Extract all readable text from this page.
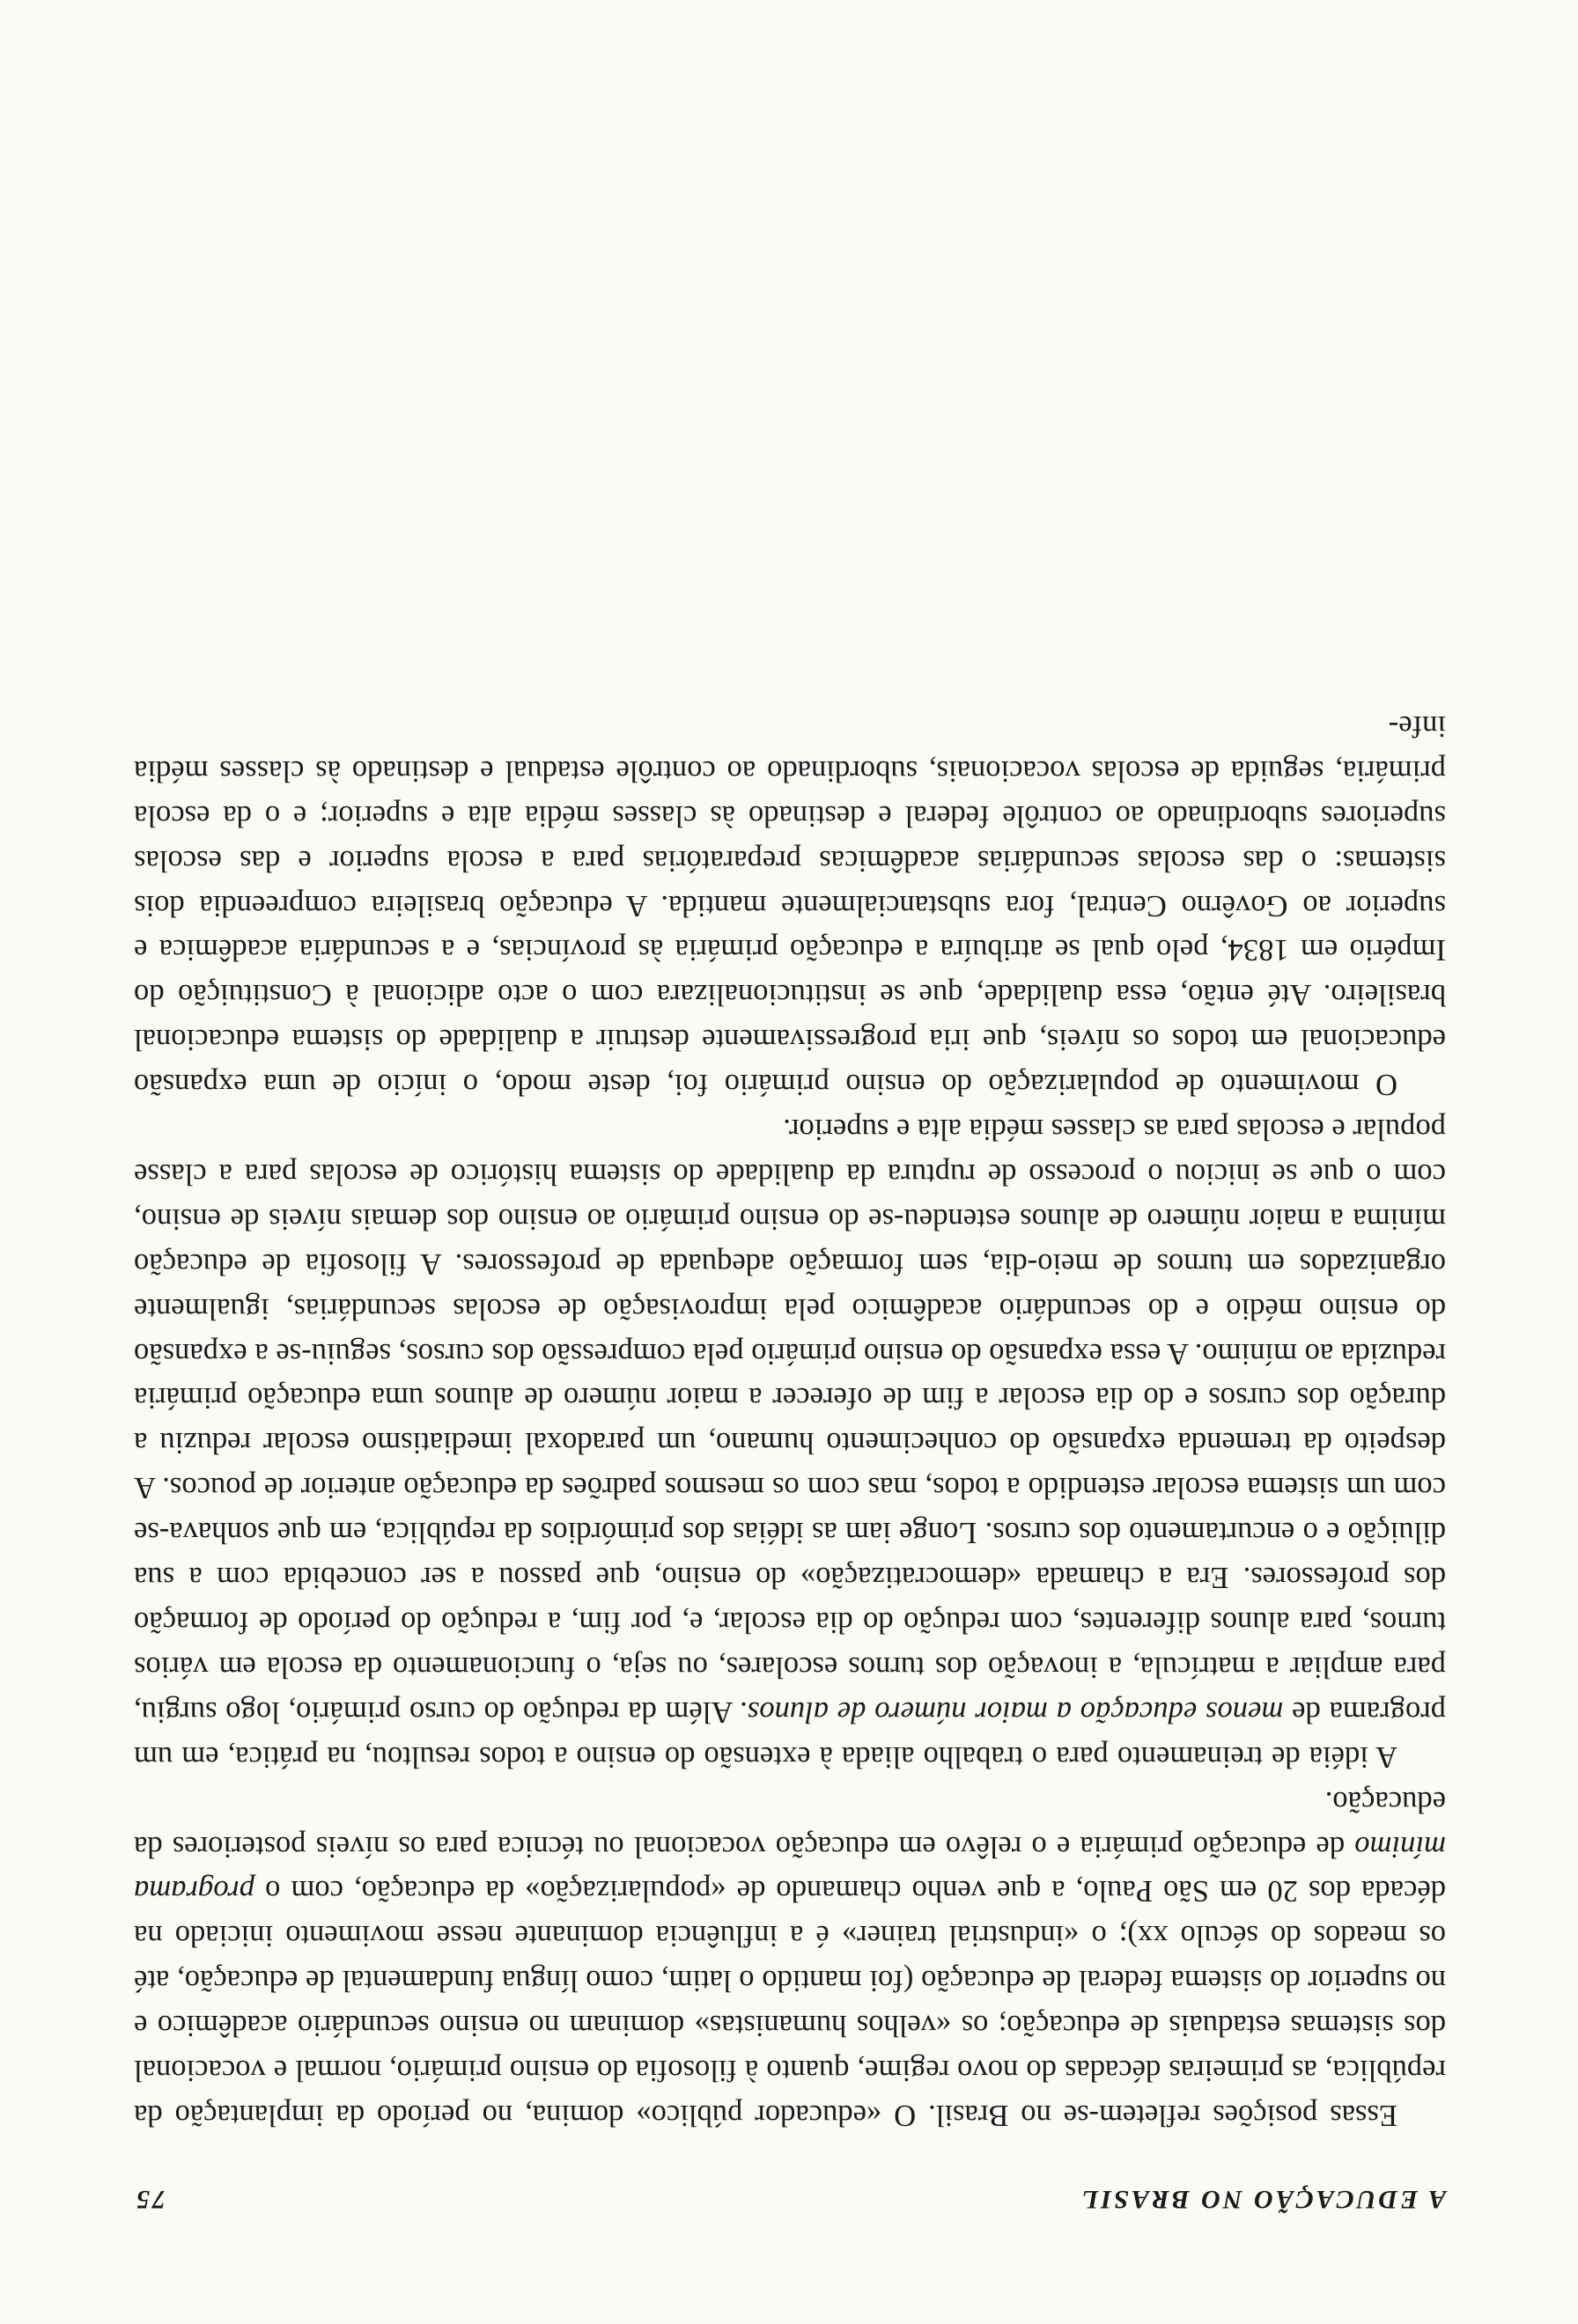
A EDUCAÇÃO NO BRASIL
75

Essas posições refletem-se no Brasil. O «educador público» domina, no período da implantação da república, as primeiras décadas do novo regime, quanto à filosofia do ensino primário, normal e vocacional dos sistemas estaduais de educação; os «velhos humanistas» dominam no ensino secundário acadêmico e no superior do sistema federal de educação (foi mantido o latim, como língua fundamental de educação, até os meados do século xx); o «industrial trainer» é a influência dominante nesse movimento iniciado na década dos 20 em São Paulo, a que venho chamando de «popularização» da educação, com o programa mínimo de educação primária e o relêvo em educação vocacional ou técnica para os níveis posteriores da educação.

A idéia de treinamento para o trabalho aliada à extensão do ensino a todos resultou, na prática, em um programa de menos educação a maior número de alunos. Além da redução do curso primário, logo surgiu, para ampliar a matrícula, a inovação dos turnos escolares, ou seja, o funcionamento da escola em vários turnos, para alunos diferentes, com redução do dia escolar, e, por fim, a redução do período de formação dos professores. Era a chamada «democratização» do ensino, que passou a ser concebida com a sua diluição e o encurtamento dos cursos. Longe iam as idéias dos primórdios da república, em que sonhava-se com um sistema escolar estendido a todos, mas com os mesmos padrões da educação anterior de poucos. A despeito da tremenda expansão do conhecimento humano, um paradoxal imediatismo escolar reduziu a duração dos cursos e do dia escolar a fim de oferecer a maior número de alunos uma educação primária reduzida ao mínimo. A essa expansão do ensino primário pela compressão dos cursos, seguiu-se a expansão do ensino médio e do secundário acadêmico pela improvisação de escolas secundárias, igualmente organizados em turnos de meio-dia, sem formação adequada de professores. A filosofia de educação mínima a maior número de alunos estendeu-se do ensino primário ao ensino dos demais níveis de ensino, com o que se iniciou o processo de ruptura da dualidade do sistema histórico de escolas para a classe popular e escolas para as classes média alta e superior.

O movimento de popularização do ensino primário foi, deste modo, o início de uma expansão educacional em todos os níveis, que iria progressivamente destruir a dualidade do sistema educacional brasileiro. Até então, essa dualidade, que se institucionalizara com o acto adicional à Constituição do Império em 1834, pelo qual se atribuíra a educação primária às províncias, e a secundária acadêmica e superior ao Govêrno Central, fora substancialmente mantida. A educação brasileira compreendia dois sistemas: o das escolas secundárias acadêmicas preparatórias para a escola superior e das escolas superiores subordinado ao contrôle federal e destinado às classes média alta e superior; e o da escola primária, seguida de escolas vocacionais, subordinado ao contrôle estadual e destinado às classes média infe-
